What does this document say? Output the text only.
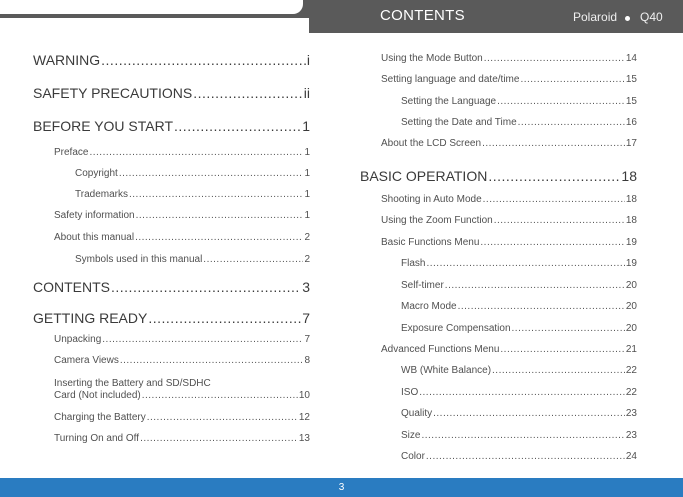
CONTENTS	Polaroid Q40
WARNING .....	i
SAFETY PRECAUTIONS .....	ii
BEFORE YOU START .....	1
Preface .....	1
Copyright .....	1
Trademarks .....	1
Safety information .....	1
About this manual .....	2
Symbols used in this manual .....	2
CONTENTS .....	3
GETTING READY .....	7
Unpacking .....	7
Camera Views .....	8
Inserting the Battery and SD/SDHC
Card (Not included) .....	10
Charging the Battery .....	12
Turning On and Off .....	13
Using the Mode Button .....	14
Setting language and date/time .....	15
Setting the Language .....	15
Setting the Date and Time .....	16
About the LCD Screen .....	17
BASIC OPERATION .....	18
Shooting in Auto Mode .....	18
Using the Zoom Function .....	18
Basic Functions Menu .....	19
Flash .....	19
Self-timer .....	20
Macro Mode .....	20
Exposure Compensation .....	20
Advanced Functions Menu .....	21
WB (White Balance) .....	22
ISO .....	22
Quality .....	23
Size .....	23
Color .....	24
3
